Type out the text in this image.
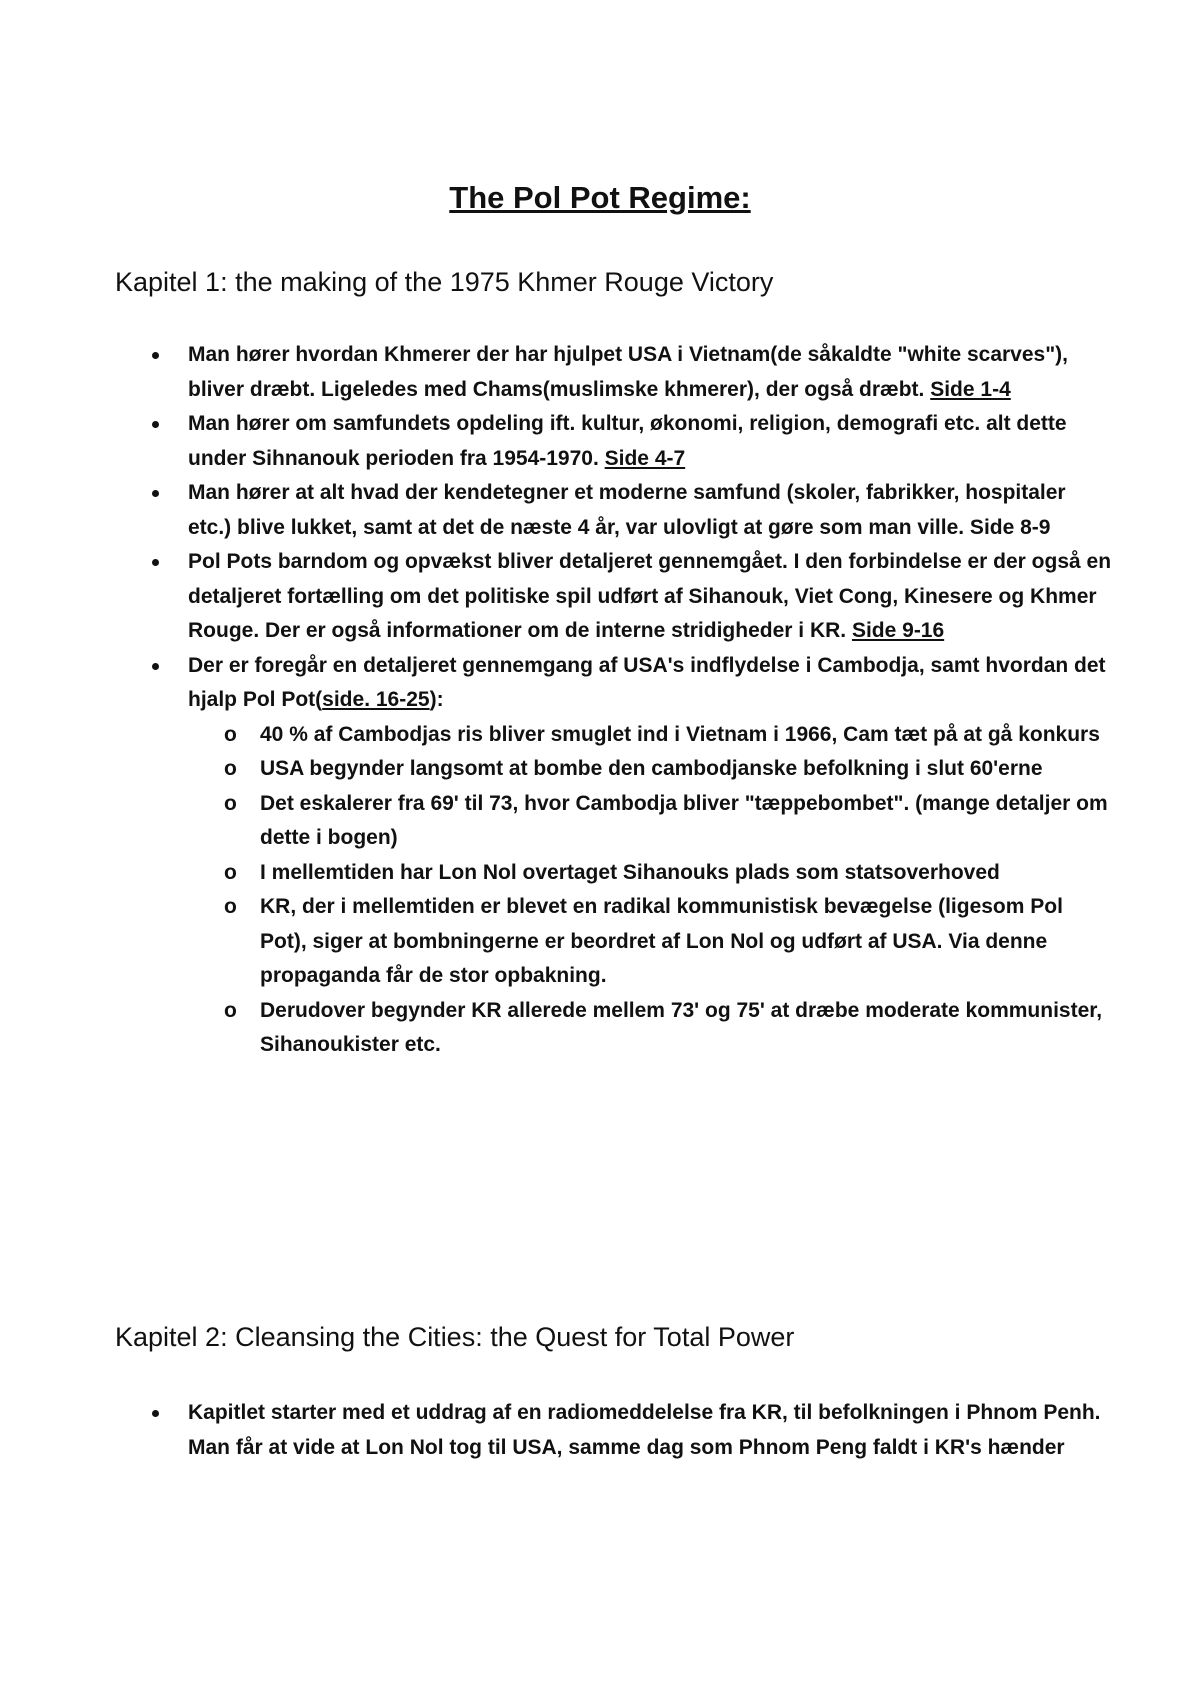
The Pol Pot Regime:
Kapitel 1: the making of the 1975 Khmer Rouge Victory
Man hører hvordan Khmerer der har hjulpet USA i Vietnam(de såkaldte "white scarves"), bliver dræbt. Ligeledes med Chams(muslimske khmerer), der også dræbt. Side 1-4
Man hører om samfundets opdeling ift. kultur, økonomi, religion, demografi etc. alt dette under Sihnanouk perioden fra 1954-1970. Side 4-7
Man hører at alt hvad der kendetegner et moderne samfund (skoler, fabrikker, hospitaler etc.) blive lukket, samt at det de næste 4 år, var ulovligt at gøre som man ville. Side 8-9
Pol Pots barndom og opvækst bliver detaljeret gennemgået. I den forbindelse er der også en detaljeret fortælling om det politiske spil udført af Sihanouk, Viet Cong, Kinesere og Khmer Rouge. Der er også informationer om de interne stridigheder i KR. Side 9-16
Der er foregår en detaljeret gennemgang af USA's indflydelse i Cambodja, samt hvordan det hjalp Pol Pot(side. 16-25):
o 40 % af Cambodjas ris bliver smuglet ind i Vietnam i 1966, Cam tæt på at gå konkurs
o USA begynder langsomt at bombe den cambodjanske befolkning i slut 60'erne
o Det eskalerer fra 69' til 73, hvor Cambodja bliver "tæppebombet". (mange detaljer om dette i bogen)
o I mellemtiden har Lon Nol overtaget Sihanouks plads som statsoverhoved
o KR, der i mellemtiden er blevet en radikal kommunistisk bevægelse (ligesom Pol Pot), siger at bombningerne er beordret af Lon Nol og udført af USA. Via denne propaganda får de stor opbakning.
o Derudover begynder KR allerede mellem 73' og 75' at dræbe moderate kommunister, Sihanoukister etc.
Kapitel 2: Cleansing the Cities: the Quest for Total Power
Kapitlet starter med et uddrag af en radiomeddelelse fra KR, til befolkningen i Phnom Penh. Man får at vide at Lon Nol tog til USA, samme dag som Phnom Peng faldt i KR's hænder
